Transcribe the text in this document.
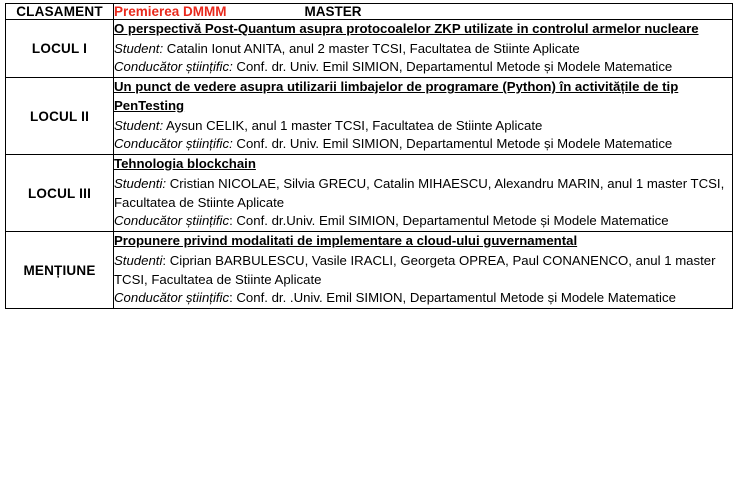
CLASAMENT	Premierea DMMM MASTER

LOCUL I	O perspectivă Post-Quantum asupra protocoalelor ZKP utilizate in controlul armelor nucleare
Student: Catalin Ionut ANITA, anul 2 master TCSI, Facultatea de Stiinte Aplicate
Conducător științific: Conf. dr. Univ. Emil SIMION, Departamentul Metode și Modele Matematice

LOCUL II	Un punct de vedere asupra utilizarii limbajelor de programare (Python) în activitățile de tip PenTesting
Student: Aysun CELIK, anul 1 master TCSI, Facultatea de Stiinte Aplicate
Conducător științific: Conf. dr. Univ. Emil SIMION, Departamentul Metode și Modele Matematice

LOCUL III	Tehnologia blockchain
Studenti: Cristian NICOLAE, Silvia GRECU, Catalin MIHAESCU, Alexandru MARIN, anul 1 master TCSI, Facultatea de Stiinte Aplicate
Conducător științific: Conf. dr.Univ. Emil SIMION, Departamentul Metode și Modele Matematice

MENȚIUNE	Propunere privind modalitati de implementare a cloud-ului guvernamental
Studenti: Ciprian BARBULESCU, Vasile IRACLI, Georgeta OPREA, Paul CONANENCO, anul 1 master TCSI, Facultatea de Stiinte Aplicate
Conducător științific: Conf. dr. .Univ. Emil SIMION, Departamentul Metode și Modele Matematice
